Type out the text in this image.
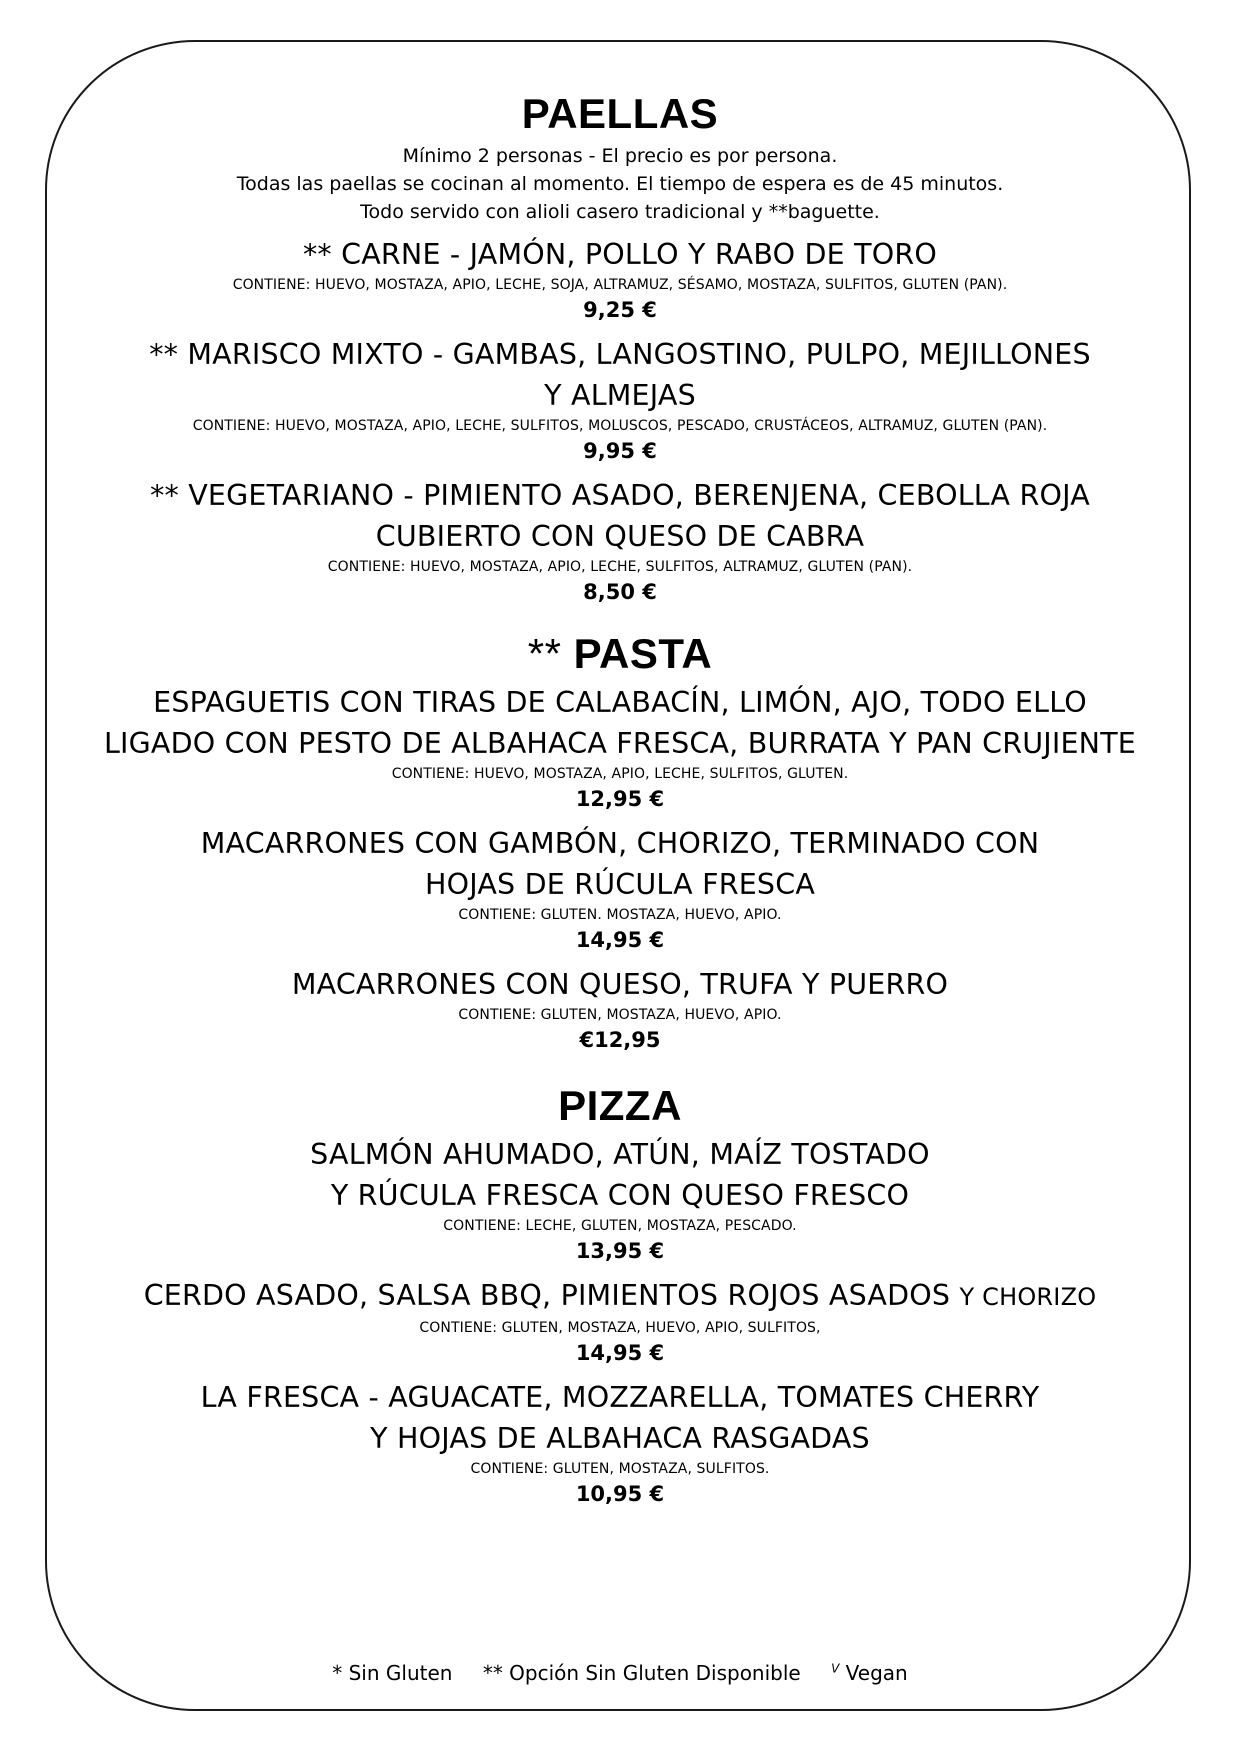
PAELLAS
Mínimo 2 personas - El precio es por persona.
Todas las paellas se cocinan al momento. El tiempo de espera es de 45 minutos.
Todo servido con alioli casero tradicional y **baguette.
** CARNE - JAMÓN, POLLO Y RABO DE TORO
CONTIENE: HUEVO, MOSTAZA, APIO, LECHE, SOJA, ALTRAMUZ, SÉSAMO, MOSTAZA, SULFITOS, GLUTEN (PAN).
9,25 €
** MARISCO MIXTO - GAMBAS, LANGOSTINO, PULPO, MEJILLONES
Y ALMEJAS
CONTIENE: HUEVO, MOSTAZA, APIO, LECHE, SULFITOS, MOLUSCOS, PESCADO, CRUSTÁCEOS, ALTRAMUZ, GLUTEN (PAN).
9,95 €
** VEGETARIANO - PIMIENTO ASADO, BERENJENA, CEBOLLA ROJA
CUBIERTO CON QUESO DE CABRA
CONTIENE: HUEVO, MOSTAZA, APIO, LECHE, SULFITOS, ALTRAMUZ, GLUTEN (PAN).
8,50 €
** PASTA
ESPAGUETIS CON TIRAS DE CALABACÍN, LIMÓN, AJO, TODO ELLO
LIGADO CON PESTO DE ALBAHACA FRESCA, BURRATA Y PAN CRUJIENTE
CONTIENE: HUEVO, MOSTAZA, APIO, LECHE, SULFITOS, GLUTEN.
12,95 €
MACARRONES CON GAMBÓN, CHORIZO, TERMINADO CON
HOJAS DE RÚCULA FRESCA
CONTIENE: GLUTEN. MOSTAZA, HUEVO, APIO.
14,95 €
MACARRONES CON QUESO, TRUFA Y PUERRO
CONTIENE: GLUTEN, MOSTAZA, HUEVO, APIO.
€12,95
PIZZA
SALMÓN AHUMADO, ATÚN, MAÍZ TOSTADO
Y RÚCULA FRESCA CON QUESO FRESCO
CONTIENE: LECHE, GLUTEN, MOSTAZA, PESCADO.
13,95 €
CERDO ASADO, SALSA BBQ, PIMIENTOS ROJOS ASADOS Y CHORIZO
CONTIENE: GLUTEN, MOSTAZA, HUEVO, APIO, SULFITOS,
14,95 €
LA FRESCA - AGUACATE, MOZZARELLA, TOMATES CHERRY
Y HOJAS DE ALBAHACA RASGADAS
CONTIENE: GLUTEN, MOSTAZA, SULFITOS.
10,95 €
* Sin Gluten ** Opción Sin Gluten Disponible	$^V$ Vegan
